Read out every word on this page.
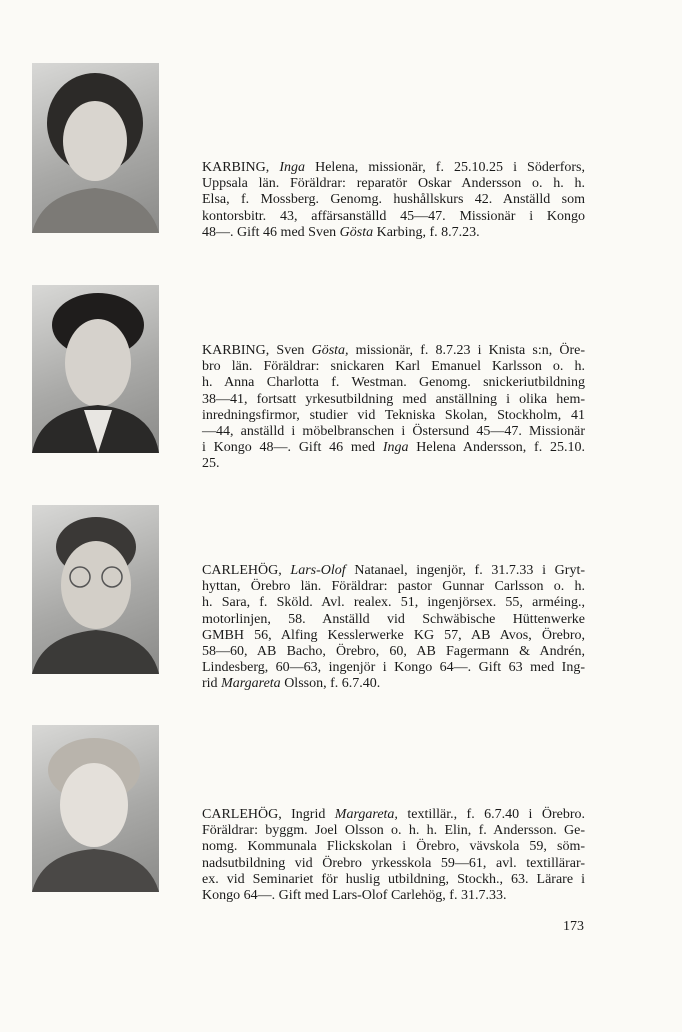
KARBING, Inga Helena, missionär, f. 25.10.25 i Söderfors,
Uppsala län. Föräldrar: reparatör Oskar Andersson o. h. h.
Elsa, f. Mossberg. Genomg. hushållskurs 42. Anställd som
kontorsbitr. 43, affärsanställd 45—47. Missionär i Kongo
48—. Gift 46 med Sven Gösta Karbing, f. 8.7.23.
KARBING, Sven Gösta, missionär, f. 8.7.23 i Knista s:n, Öre-
bro län. Föräldrar: snickaren Karl Emanuel Karlsson o. h.
h. Anna Charlotta f. Westman. Genomg. snickeriutbildning
38—41, fortsatt yrkesutbildning med anställning i olika hem-
inredningsfirmor, studier vid Tekniska Skolan, Stockholm, 41
—44, anställd i möbelbranschen i Östersund 45—47. Missionär
i Kongo 48—. Gift 46 med Inga Helena Andersson, f. 25.10.
25.
CARLEHÖG, Lars-Olof Natanael, ingenjör, f. 31.7.33 i Gryt-
hyttan, Örebro län. Föräldrar: pastor Gunnar Carlsson o. h.
h. Sara, f. Sköld. Avl. realex. 51, ingenjörsex. 55, arméing.,
motorlinjen, 58. Anställd vid Schwäbische Hüttenwerke
GMBH 56, Alfing Kesslerwerke KG 57, AB Avos, Örebro,
58—60, AB Bacho, Örebro, 60, AB Fagermann & Andrén,
Lindesberg, 60—63, ingenjör i Kongo 64—. Gift 63 med Ing-
rid Margareta Olsson, f. 6.7.40.
CARLEHÖG, Ingrid Margareta, textillär., f. 6.7.40 i Örebro.
Föräldrar: byggm. Joel Olsson o. h. h. Elin, f. Andersson. Ge-
nomg. Kommunala Flickskolan i Örebro, vävskola 59, söm-
nadsutbildning vid Örebro yrkesskola 59—61, avl. textillärar-
ex. vid Seminariet för huslig utbildning, Stockh., 63. Lärare i
Kongo 64—. Gift med Lars-Olof Carlehög, f. 31.7.33.
173
